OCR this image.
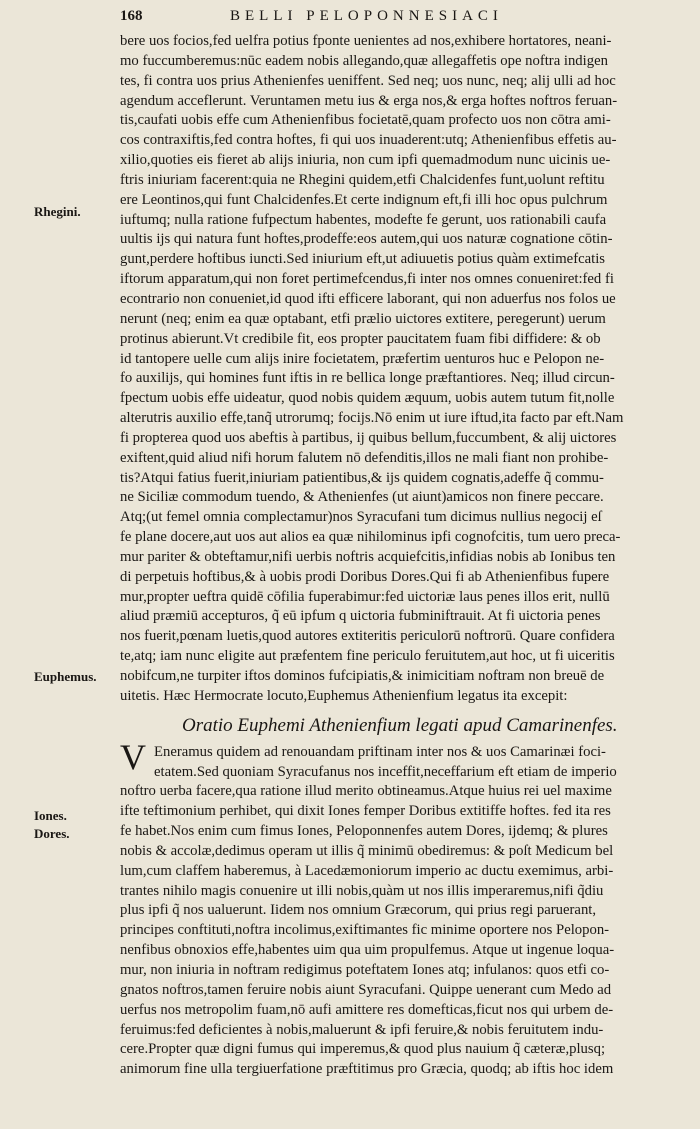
168	BELLI PELOPONNESIACI
Rhegini.
Euphemus.
Iones.
Dores.
bere uos focios,fed uelfra potius fponte uenientes ad nos,exhibere hortatores, neani-
mo fuccumberemus:nūc eadem nobis allegando,quæ allegaffetis ope noftra indigen
tes, fi contra uos prius Athenienfes ueniffent. Sed neq; uos nunc, neq; alij ulli ad hoc
agendum acceflerunt. Veruntamen metu ius & erga nos,& erga hoftes noftros feruan-
tis,caufati uobis effe cum Athenienfibus focietatē,quam profecto uos non cōtra ami-
cos contraxiftis,fed contra hoftes, fi qui uos inuaderent:utq; Athenienfibus effetis au-
xilio,quoties eis fieret ab alijs iniuria, non cum ipfi quemadmodum nunc uicinis ue-
ftris iniuriam facerent:quia ne Rhegini quidem,etfi Chalcidenfes funt,uolunt reftitu
ere Leontinos,qui funt Chalcidenfes.Et certe indignum eft,fi illi hoc opus pulchrum
iuftumq; nulla ratione fufpectum habentes, modefte fe gerunt, uos rationabili caufa
uultis ijs qui natura funt hoftes,prodeffe:eos autem,qui uos naturæ cognatione cōtin-
gunt,perdere hoftibus iuncti.Sed iniurium eft,ut adiuuetis potius quàm extimefcatis
iftorum apparatum,qui non foret pertimefcendus,fi inter nos omnes conueniret:fed fi
econtrario non conueniet,id quod ifti efficere laborant, qui non aduerfus nos folos ue
nerunt (neq; enim ea quæ optabant, etfi prælio uictores extitere, peregerunt) uerum
protinus abierunt.Vt credibile fit, eos propter paucitatem fuam fibi diffidere: & ob
id tantopere uelle cum alijs inire focietatem, præfertim uenturos huc e Pelopon ne-
fo auxilijs, qui homines funt iftis in re bellica longe præftantiores. Neq; illud circun-
fpectum uobis effe uideatur, quod nobis quidem æquum, uobis autem tutum fit,nolle
alterutris auxilio effe,tanq̃ utrorumq; focijs.Nō enim ut iure iftud,ita facto par eft.Nam
fi propterea quod uos abeftis à partibus, ij quibus bellum,fuccumbent, & alij uictores
exiftent,quid aliud nifi horum falutem nō defenditis,illos ne mali fiant non prohibe-
tis?Atqui fatius fuerit,iniuriam patientibus,& ijs quidem cognatis,adeffe q̃ commu-
ne Siciliæ commodum tuendo, & Athenienfes (ut aiunt)amicos non finere peccare.
Atq;(ut femel omnia complectamur)nos Syracufani tum dicimus nullius negocij eſ
fe plane docere,aut uos aut alios ea quæ nihilominus ipfi cognofcitis, tum uero preca-
mur pariter & obteftamur,nifi uerbis noftris acquiefcitis,infidias nobis ab Ionibus ten
di perpetuis hoftibus,& à uobis prodi Doribus Dores.Qui fi ab Athenienfibus fupere
mur,propter ueftra quidē cōfilia fuperabimur:fed uictoriæ laus penes illos erit, nullū
aliud præmiū accepturos, q̃ eū ipfum q uictoria fubminiftrauit. At fi uictoria penes
nos fuerit,pœnam luetis,quod autores extiteritis periculorū noftrorū. Quare confidera
te,atq; iam nunc eligite aut præfentem fine periculo feruitutem,aut hoc, ut fi uiceritis
nobifcum,ne turpiter iftos dominos fufcipiatis,& inimicitiam noftram non breuē de
uitetis. Hæc Hermocrate locuto,Euphemus Athenienfium legatus ita excepit:
Oratio Euphemi Athenienfium legati apud Camarinenfes.
V Eneramus quidem ad renouandam priftinam inter nos & uos Camarinæi foci-
etatem.Sed quoniam Syracufanus nos inceffit,neceffarium eft etiam de imperio
noftro uerba facere,qua ratione illud merito obtineamus.Atque huius rei uel maxime
ifte teftimonium perhibet, qui dixit Iones femper Doribus extitiffe hoftes. fed ita res
fe habet.Nos enim cum fimus Iones, Peloponnenfes autem Dores, ijdemq; & plures
nobis & accolæ,dedimus operam ut illis q̃ minimū obediremus: & poſt Medicum bel
lum,cum claffem haberemus, à Lacedæmoniorum imperio ac ductu exemimus, arbi-
trantes nihilo magis conuenire ut illi nobis,quàm ut nos illis imperaremus,nifi q̃diu
plus ipfi q̃ nos ualuerunt. Iidem nos omnium Græcorum, qui prius regi paruerant,
principes conftituti,noftra incolimus,exiftimantes fic minime oportere nos Pelopon-
nenfibus obnoxios effe,habentes uim qua uim propulfemus. Atque ut ingenue loqua-
mur, non iniuria in noftram redigimus poteftatem Iones atq; infulanos: quos etfi co-
gnatos noftros,tamen feruire nobis aiunt Syracufani. Quippe uenerant cum Medo ad
uerfus nos metropolim fuam,nō aufi amittere res domefticas,ficut nos qui urbem de-
feruimus:fed deficientes à nobis,maluerunt & ipfi feruire,& nobis feruitutem indu-
cere.Propter quæ digni fumus qui imperemus,& quod plus nauium q̃ cæteræ,plusq;
animorum fine ulla tergiuerfatione præftitimus pro Græcia, quodq; ab iftis hoc idem
